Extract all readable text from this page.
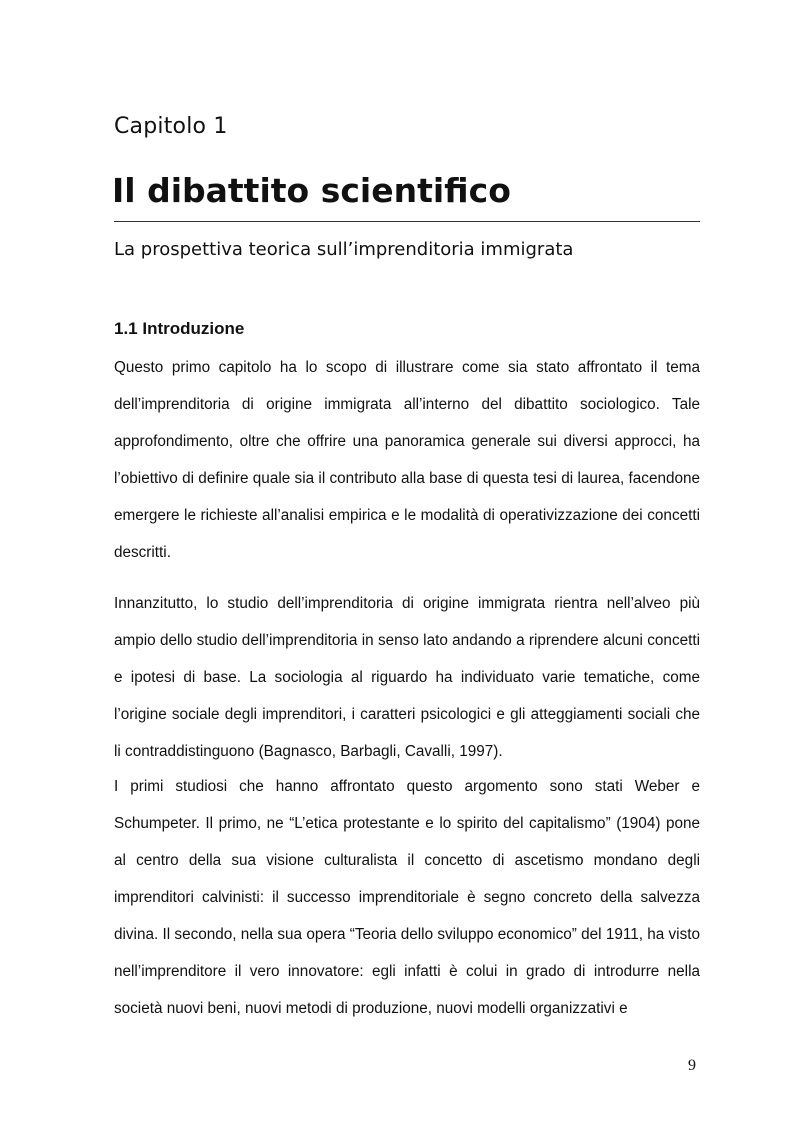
Capitolo 1
Il dibattito scientifico
La prospettiva teorica sull’imprenditoria immigrata
1.1 Introduzione

Questo primo capitolo ha lo scopo di illustrare come sia stato affrontato il tema dell’imprenditoria di origine immigrata all’interno del dibattito sociologico. Tale approfondimento, oltre che offrire una panoramica generale sui diversi approcci, ha l’obiettivo di definire quale sia il contributo alla base di questa tesi di laurea, facendone emergere le richieste all’analisi empirica e le modalità di operativizzazione dei concetti descritti.

Innanzitutto, lo studio dell’imprenditoria di origine immigrata rientra nell’alveo più ampio dello studio dell’imprenditoria in senso lato andando a riprendere alcuni concetti e ipotesi di base. La sociologia al riguardo ha individuato varie tematiche, come l’origine sociale degli imprenditori, i caratteri psicologici e gli atteggiamenti sociali che li contraddistinguono (Bagnasco, Barbagli, Cavalli, 1997).

I primi studiosi che hanno affrontato questo argomento sono stati Weber e Schumpeter. Il primo, ne “L’etica protestante e lo spirito del capitalismo” (1904) pone al centro della sua visione culturalista il concetto di ascetismo mondano degli imprenditori calvinisti: il successo imprenditoriale è segno concreto della salvezza divina. Il secondo, nella sua opera “Teoria dello sviluppo economico” del 1911, ha visto nell’imprenditore il vero innovatore: egli infatti è colui in grado di introdurre nella società nuovi beni, nuovi metodi di produzione, nuovi modelli organizzativi e

9
